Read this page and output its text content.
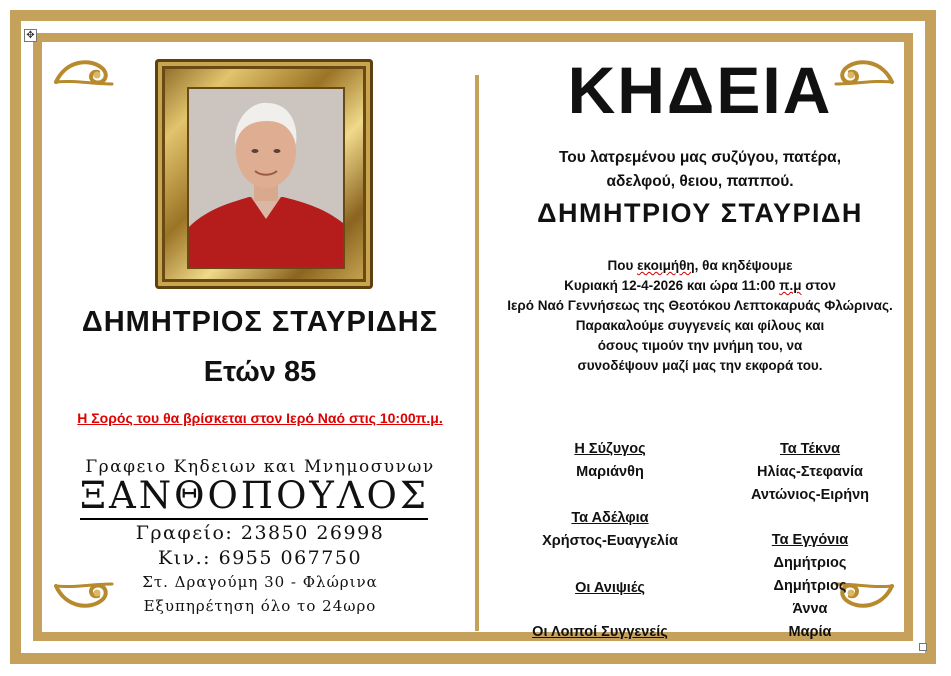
✥
ΔΗΜΗΤΡΙΟΣ ΣΤΑΥΡΙΔΗΣ
Ετών 85
Η Σορός του θα βρίσκεται στον Ιερό Ναό στις 10:00π.μ.
Γραφειο Κηδειων και Μνημοσυνων
ΞΑΝΘΟΠΟΥΛΟΣ
Γραφείο: 23850 26998
Κιν.: 6955 067750
Στ. Δραγούμη 30 - Φλώρινα
Εξυπηρέτηση όλο το 24ωρο
ΚΗΔΕΙΑ
Του λατρεμένου μας συζύγου, πατέρα,
αδελφού, θειου, παππού.
ΔΗΜΗΤΡΙΟΥ ΣΤΑΥΡΙΔΗ
Που εκοιμήθη, θα κηδέψουμε
Κυριακή 12-4-2026 και ώρα 11:00 π.μ στον
Ιερό Ναό Γεννήσεως της Θεοτόκου Λεπτοκαρυάς Φλώρινας.
Παρακαλούμε συγγενείς και φίλους και
όσους τιμούν την μνήμη του, να
συνοδέψουν μαζί μας την εκφορά του.
Η Σύζυγος
Μαριάνθη
Τα Τέκνα
Ηλίας-Στεφανία
Αντώνιος-Ειρήνη
Τα Αδέλφια
Χρήστος-Ευαγγελία	Τα Εγγόνια
Δημήτριος
Δημήτριος
Άννα
Μαρία
Οι Ανιψιές
Οι Λοιποί Συγγενείς
